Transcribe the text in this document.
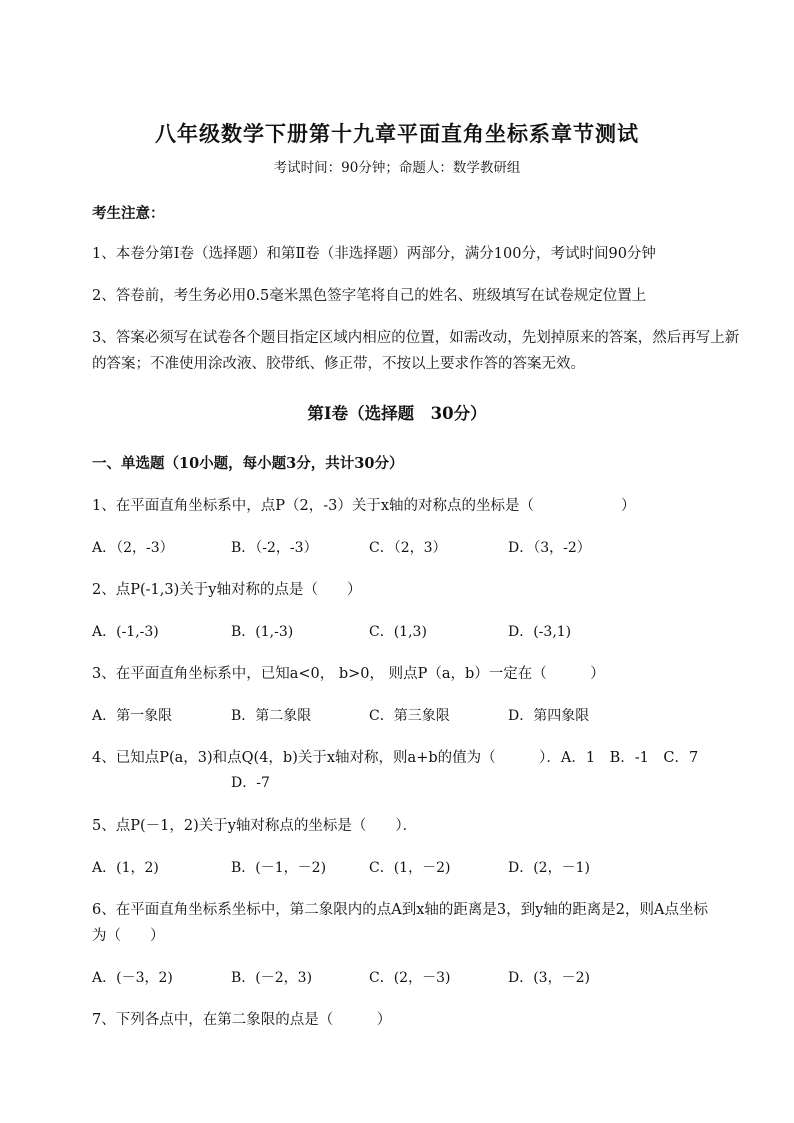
八年级数学下册第十九章平面直角坐标系章节测试
考试时间：90分钟；命题人：数学教研组
考生注意：
1、本卷分第Ⅰ卷（选择题）和第Ⅱ卷（非选择题）两部分，满分100分，考试时间90分钟
2、答卷前，考生务必用0.5毫米黑色签字笔将自己的姓名、班级填写在试卷规定位置上
3、答案必须写在试卷各个题目指定区域内相应的位置，如需改动，先划掉原来的答案，然后再写上新
的答案；不准使用涂改液、胶带纸、修正带，不按以上要求作答的答案无效。
第Ⅰ卷（选择题　30分）
一、单选题（10小题，每小题3分，共计30分）
1、在平面直角坐标系中，点P（2，-3）关于x轴的对称点的坐标是（　　　　　　）
A．（2，-3）	B．（-2，-3）	C．（2，3）	D．（3，-2）
2、点P(-1,3)关于y轴对称的点是（　　）
A．(-1,-3)	B．(1,-3)	C．(1,3)	D．(-3,1)
3、在平面直角坐标系中，已知a<0， b>0， 则点P（a，b）一定在（　　　）
A．第一象限	B．第二象限	C．第三象限	D．第四象限
4、已知点P(a，3)和点Q(4，b)关于x轴对称，则a+b的值为（　　　）．A．1　B．-1　C．7
D．-7
5、点P(－1，2)关于y轴对称点的坐标是（　　）．
A．(1，2)	B．(－1，－2)	C．(1，－2)	D．(2，－1)
6、在平面直角坐标系坐标中，第二象限内的点A到x轴的距离是3，到y轴的距离是2，则A点坐标
为（　　）
A．(－3，2)	B．(－2，3)	C．(2，－3)	D．(3，－2)
7、下列各点中，在第二象限的点是（　　　）
